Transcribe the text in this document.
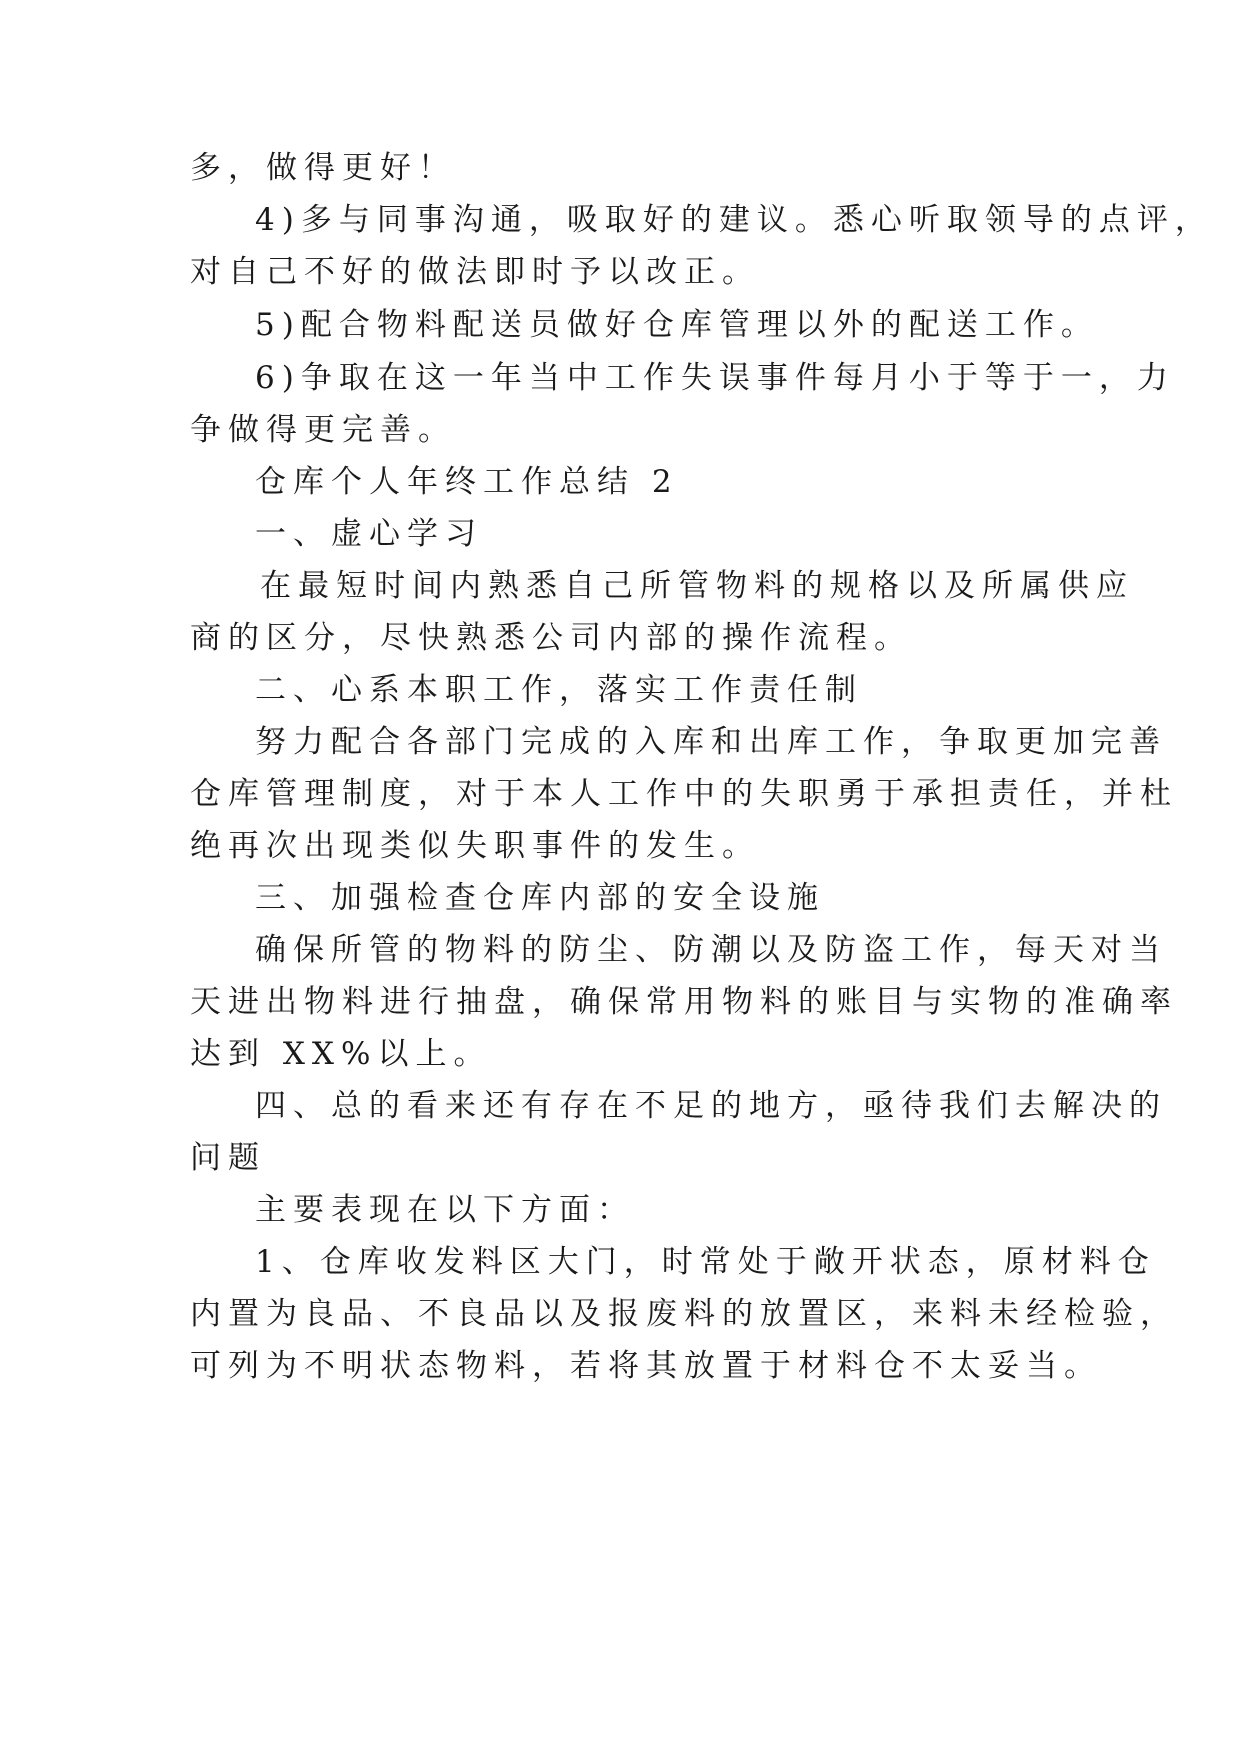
多，做得更好！

4)多与同事沟通，吸取好的建议。悉心听取领导的点评，

对自己不好的做法即时予以改正。

5)配合物料配送员做好仓库管理以外的配送工作。

6)争取在这一年当中工作失误事件每月小于等于一，力

争做得更完善。

仓库个人年终工作总结 2

一、虚心学习

在最短时间内熟悉自己所管物料的规格以及所属供应

商的区分，尽快熟悉公司内部的操作流程。

二、心系本职工作，落实工作责任制

努力配合各部门完成的入库和出库工作，争取更加完善

仓库管理制度，对于本人工作中的失职勇于承担责任，并杜

绝再次出现类似失职事件的发生。

三、加强检查仓库内部的安全设施

确保所管的物料的防尘、防潮以及防盗工作，每天对当

天进出物料进行抽盘，确保常用物料的账目与实物的准确率

达到 XX%以上。

四、总的看来还有存在不足的地方，亟待我们去解决的

问题

主要表现在以下方面：

1、仓库收发料区大门，时常处于敞开状态，原材料仓

内置为良品、不良品以及报废料的放置区，来料未经检验，

可列为不明状态物料，若将其放置于材料仓不太妥当。
